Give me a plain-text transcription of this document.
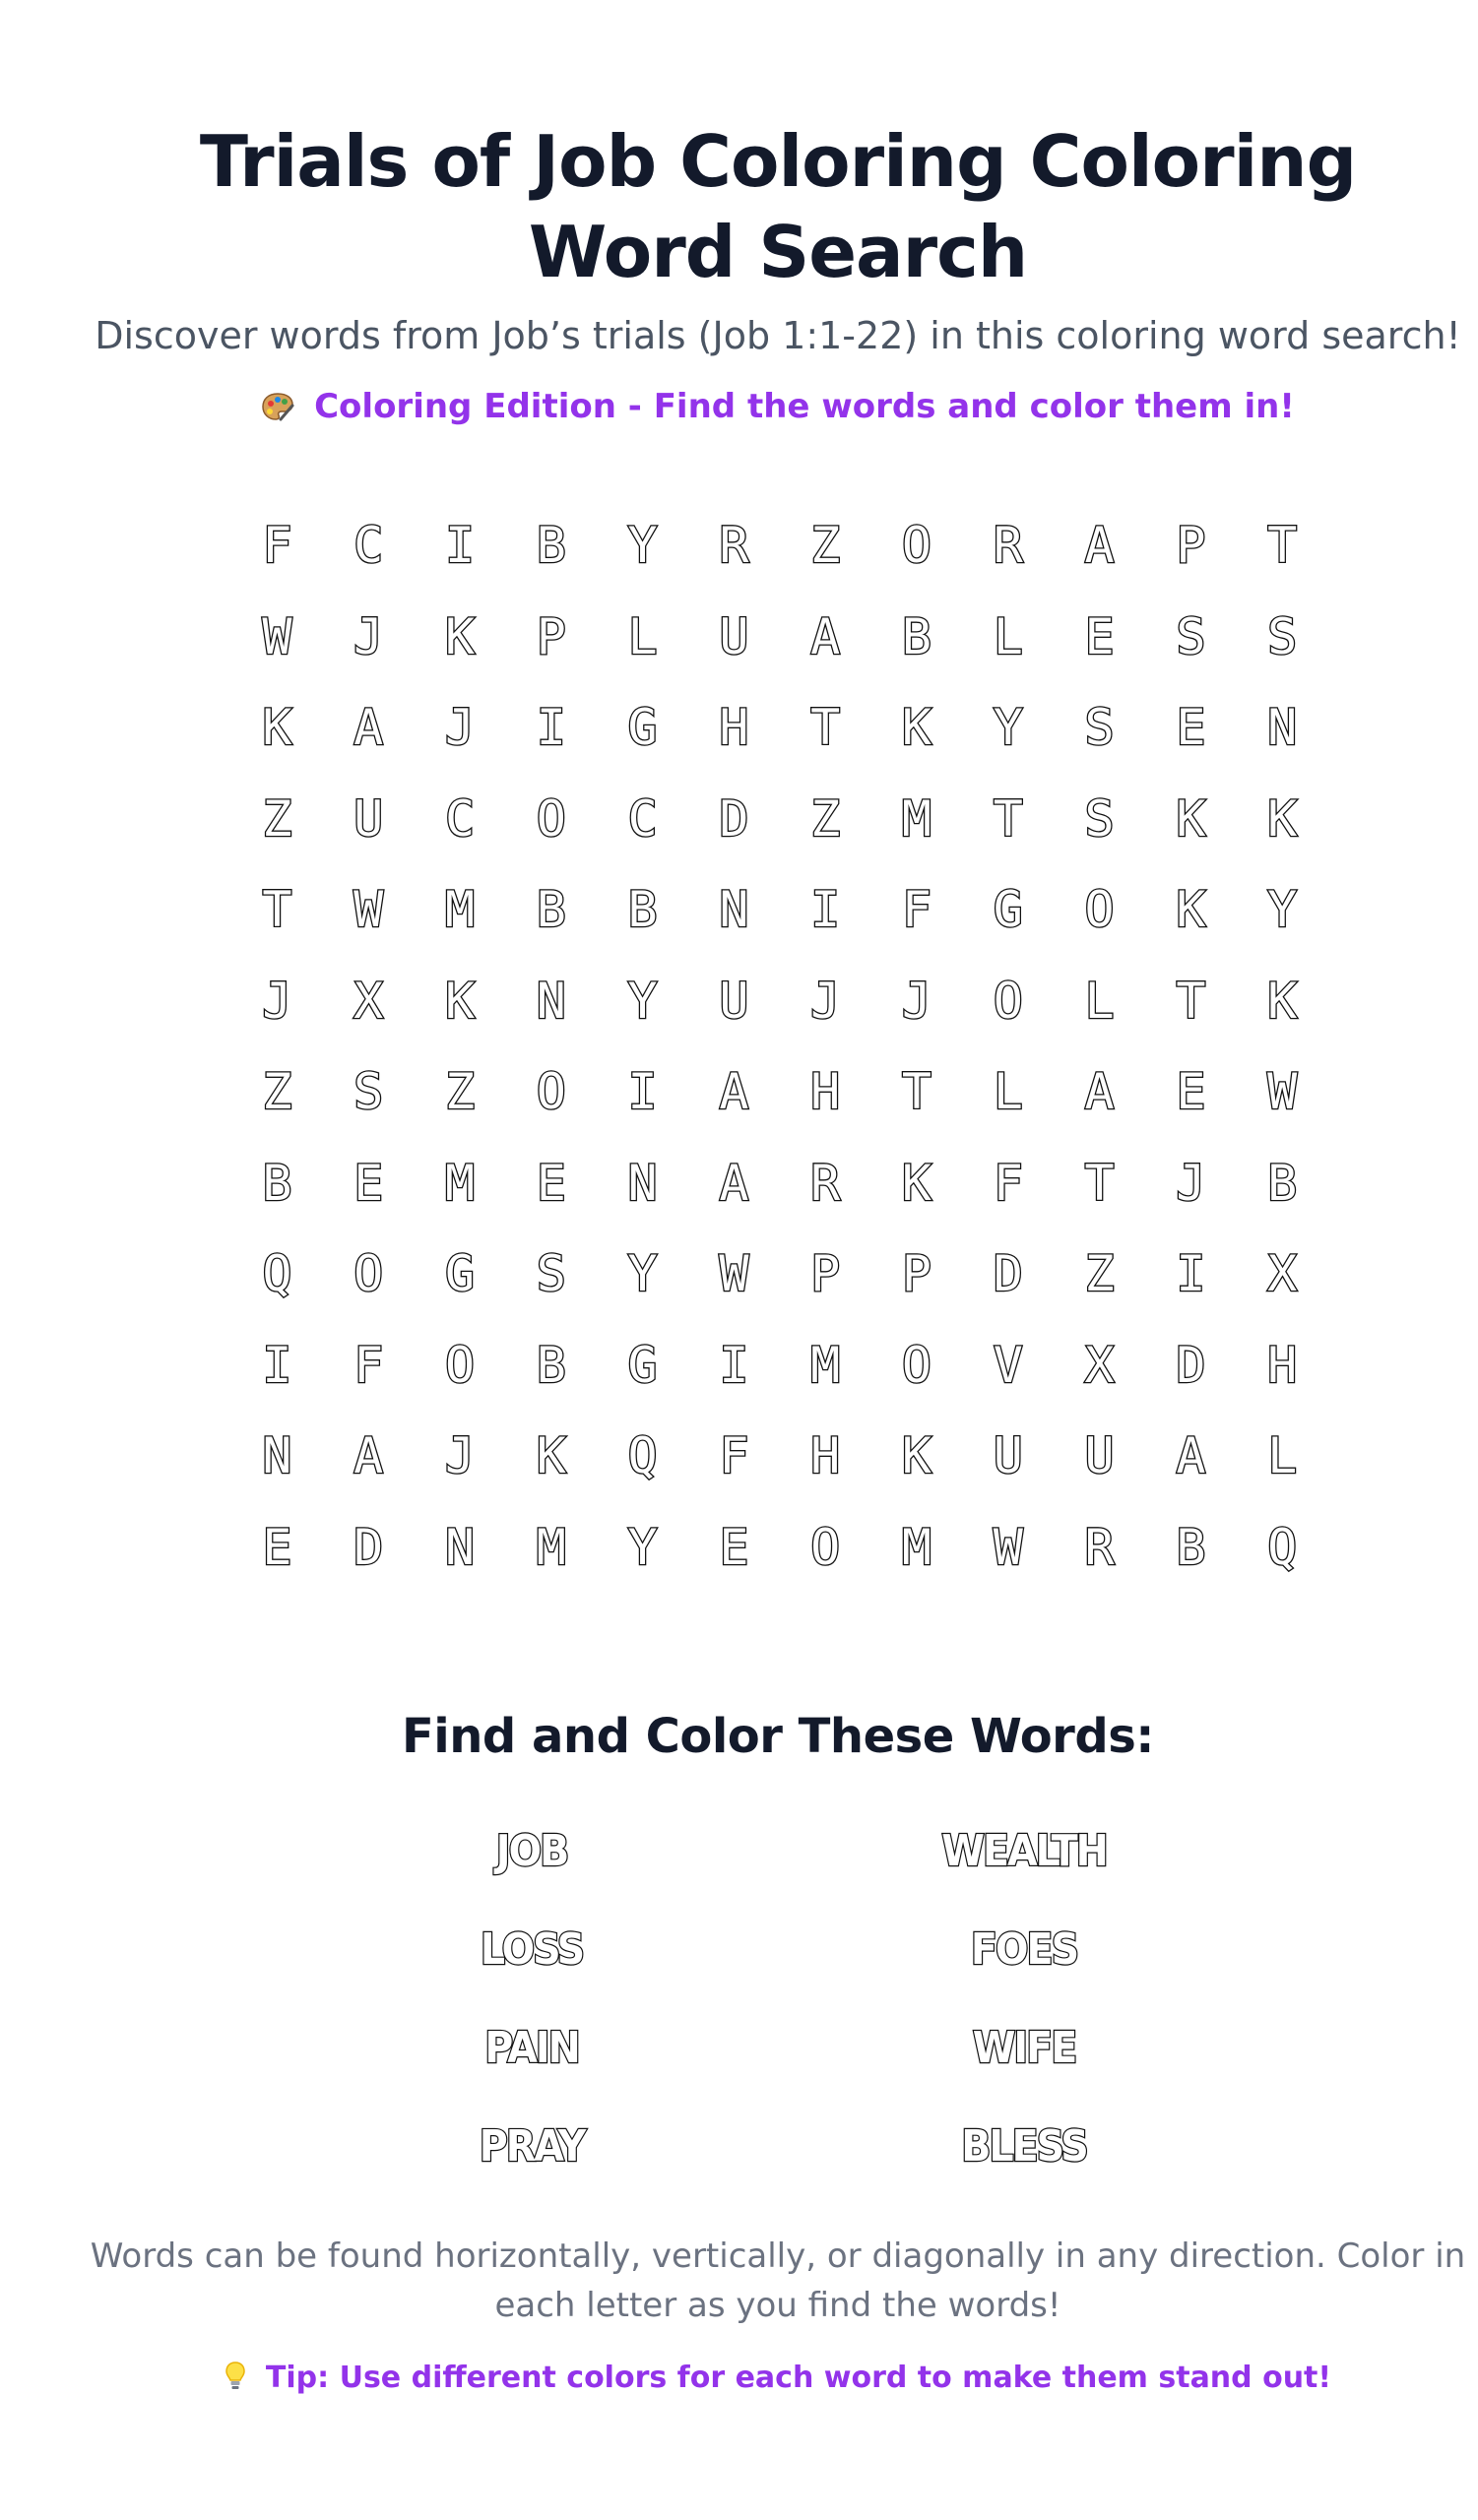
Trials of Job Coloring Coloring Word Search

Discover words from Job’s trials (Job 1:1-22) in this coloring word search!

Coloring Edition - Find the words and color them in!
F	C	I	B	Y	R	Z	O	R	A	P	T
W	J	K	P	L	U	A	B	L	E	S	S
K	A	J	I	G	H	T	K	Y	S	E	N
Z	U	C	O	C	D	Z	M	T	S	K	K
T	W	M	B	B	N	I	F	G	O	K	Y
J	X	K	N	Y	U	J	J	O	L	T	K
Z	S	Z	O	I	A	H	T	L	A	E	W
B	E	M	E	N	A	R	K	F	T	J	B
Q	O	G	S	Y	W	P	P	D	Z	I	X
I	F	O	B	G	I	M	O	V	X	D	H
N	A	J	K	Q	F	H	K	U	U	A	L
E	D	N	M	Y	E	O	M	W	R	B	Q
Find and Color These Words:
JOB	WEALTH
LOSS	FOES
PAIN	WIFE
PRAY	BLESS

Words can be found horizontally, vertically, or diagonally in any direction. Color in each letter as you find the words!

Tip: Use different colors for each word to make them stand out!
